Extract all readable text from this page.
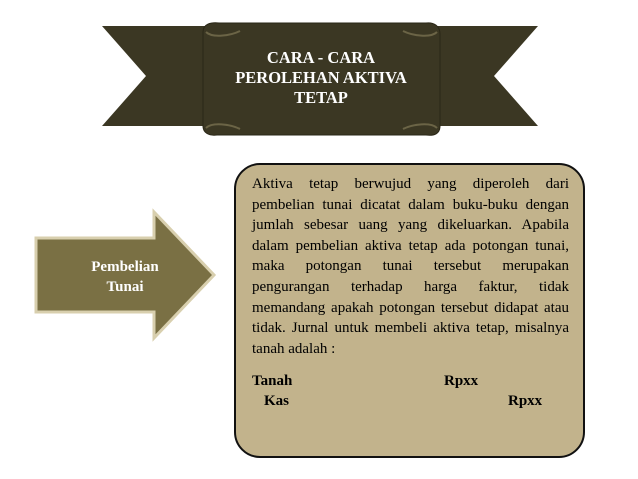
CARA - CARA
PEROLEHAN AKTIVA
TETAP
Pembelian
Tunai

Aktiva tetap berwujud yang diperoleh dari pembelian tunai dicatat dalam buku-buku dengan jumlah sebesar uang yang dikeluarkan. Apabila dalam pembelian aktiva tetap ada potongan tunai, maka potongan tunai tersebut merupakan pengurangan terhadap harga faktur, tidak memandang apakah potongan tersebut didapat atau tidak. Jurnal untuk membeli aktiva tetap, misalnya tanah adalah :

Tanah	Rpxx
Kas	Rpxx
